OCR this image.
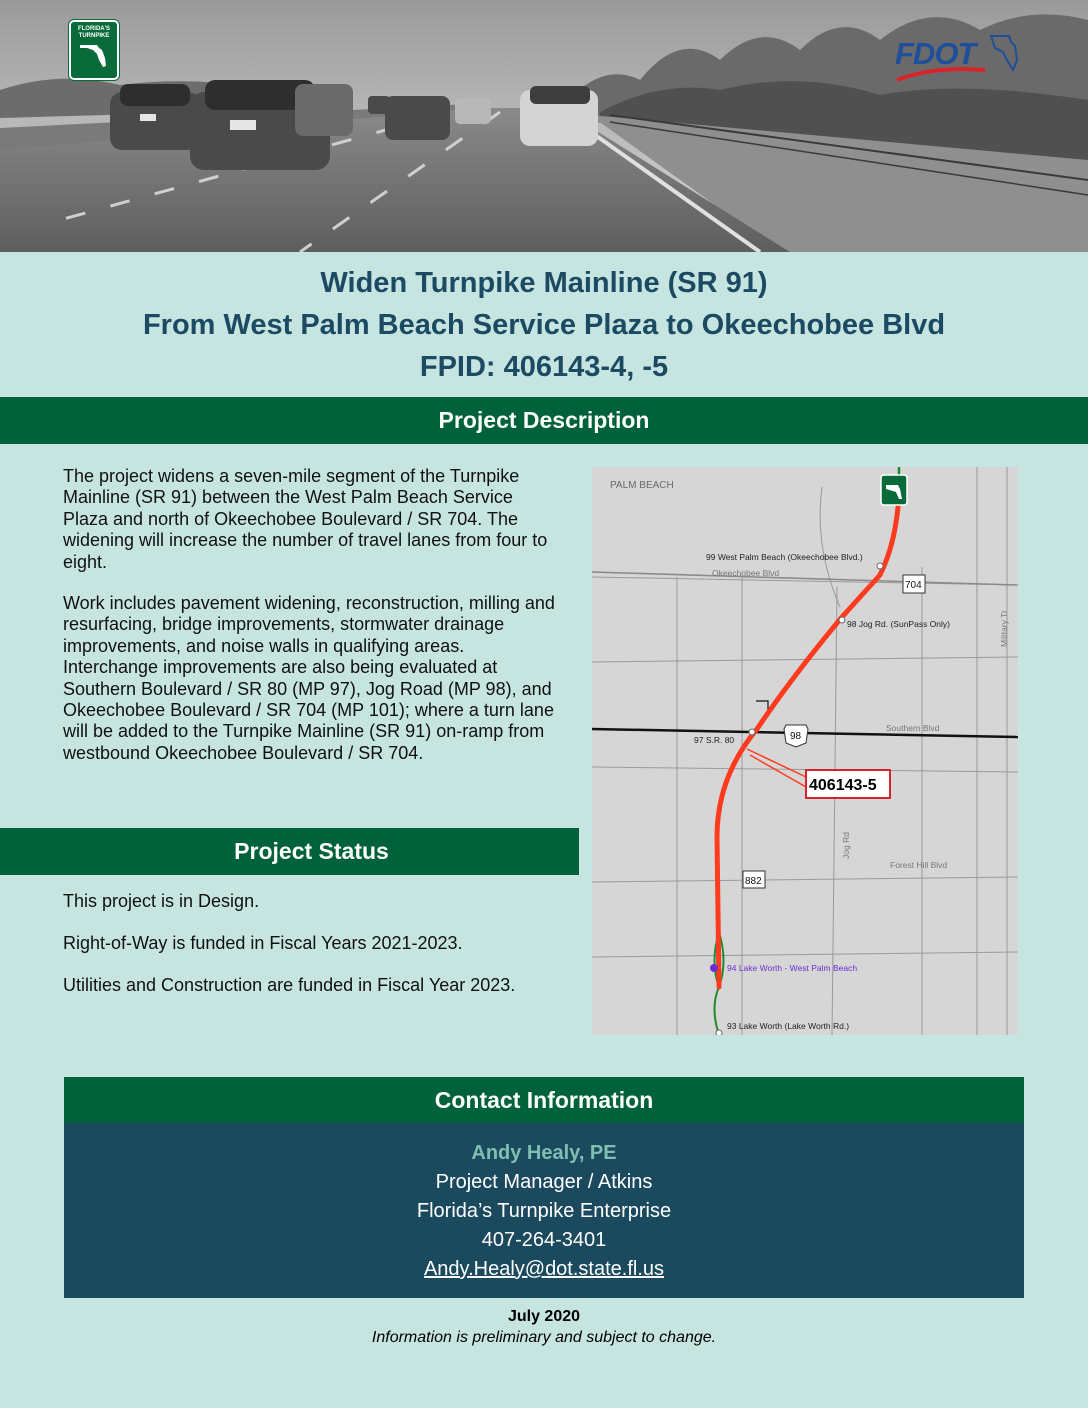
FLORIDA'S TURNPIKE	FDOT
Widen Turnpike Mainline (SR 91)
From West Palm Beach Service Plaza to Okeechobee Blvd
FPID: 406143-4, -5
Project Description

The project widens a seven-mile segment of the Turnpike Mainline (SR 91) between the West Palm Beach Service Plaza and north of Okeechobee Boulevard / SR 704. The widening will increase the number of travel lanes from four to eight.

Work includes pavement widening, reconstruction, milling and resurfacing, bridge improvements, stormwater drainage improvements, and noise walls in qualifying areas. Interchange improvements are also being evaluated at Southern Boulevard / SR 80 (MP 97), Jog Road (MP 98), and Okeechobee Boulevard / SR 704 (MP 101); where a turn lane will be added to the Turnpike Mainline (SR 91) on-ramp from westbound Okeechobee Boulevard / SR 704.

Project Status

This project is in Design.

Right-of-Way is funded in Fiscal Years 2021-2023.

Utilities and Construction are funded in Fiscal Year 2023.

PALM BEACH
99 West Palm Beach (Okeechobee Blvd.)
Okeechobee Blvd
704
98 Jog Rd. (SunPass Only)	Military Tr
Southern Blvd
98
97 S.R. 80
406143-5
Jog Rd
Forest Hill Blvd
882
94 Lake Worth - West Palm Beach
93 Lake Worth (Lake Worth Rd.)
Contact Information
Andy Healy, PE
Project Manager / Atkins
Florida’s Turnpike Enterprise
407-264-3401
Andy.Healy@dot.state.fl.us
July 2020
Information is preliminary and subject to change.
